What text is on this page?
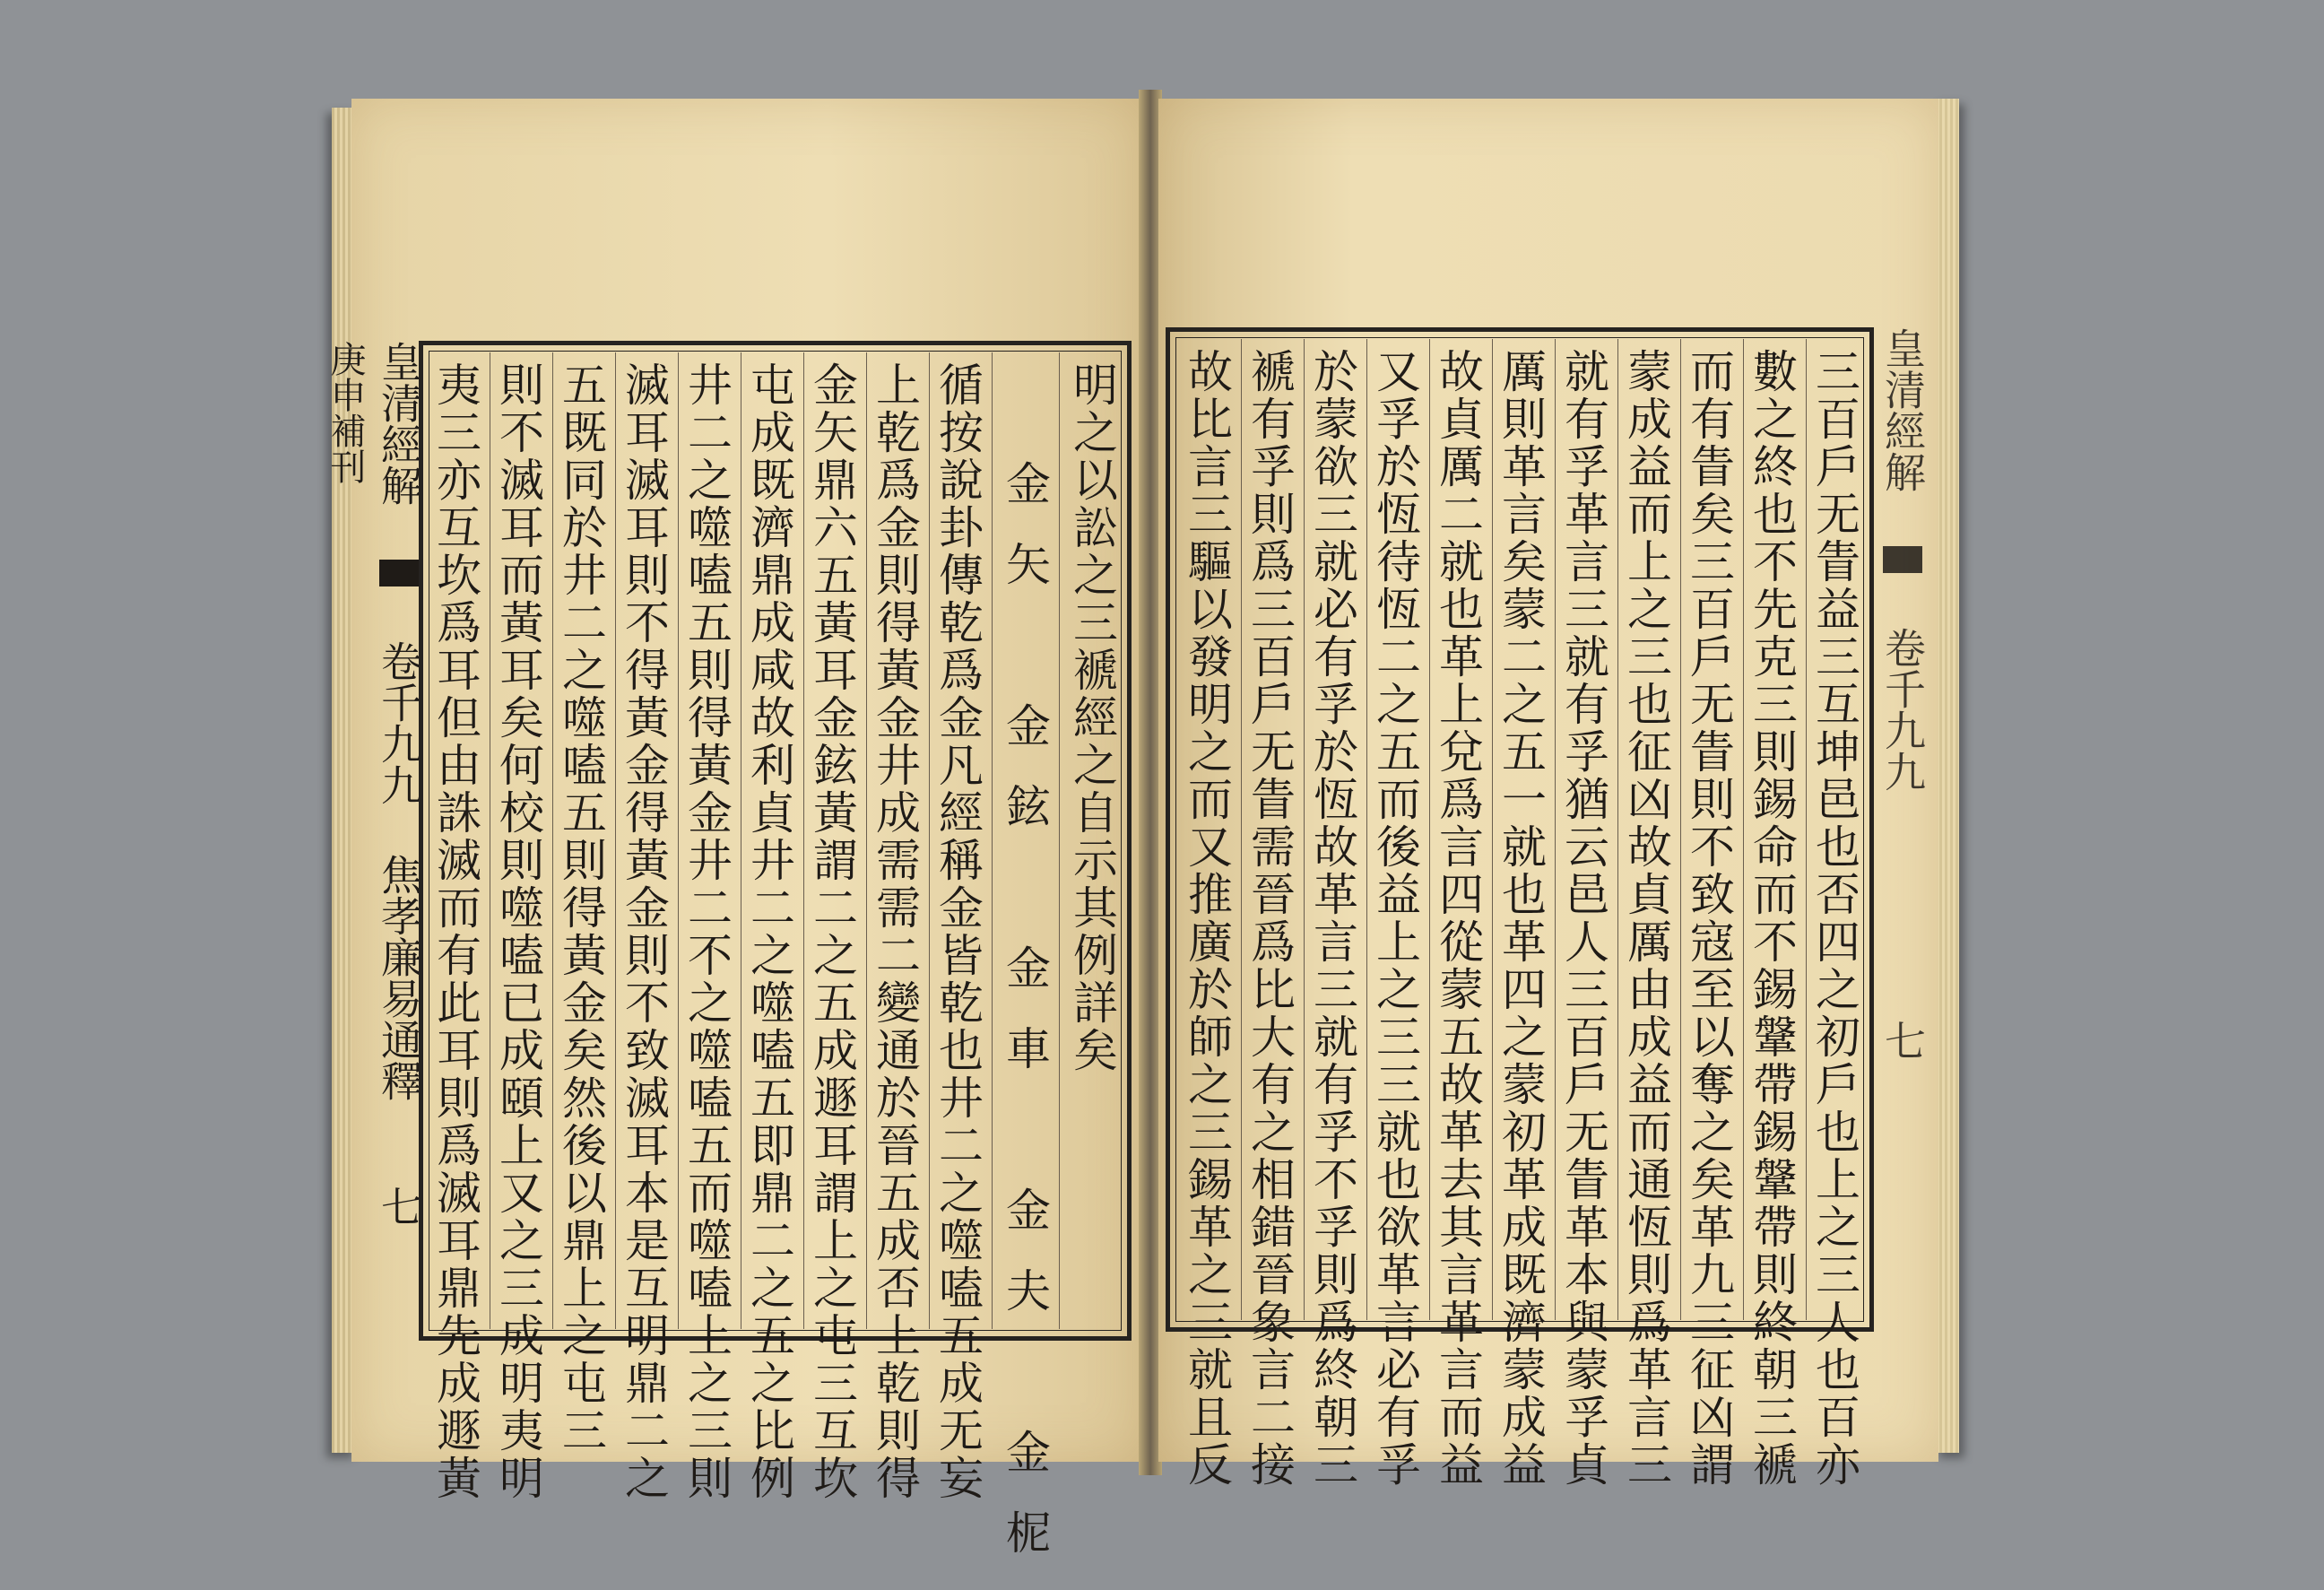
皇清經解  卷千九九 焦孝廉易通釋 七 庚申補刊	明之以訟之三褫經之自示其例詳矣
金矢　金鉉　金車　金夫　金柅
循按說卦傳乾爲金凡經稱金皆乾也井二之噬嗑五成无妄
上乾爲金則得黃金井成需需二變通於晉五成否上乾則得
金矢鼎六五黃耳金鉉黃謂二之五成遯耳謂上之屯三互坎
屯成既濟鼎成咸故利貞井二之噬嗑五即鼎二之五之比例
井二之噬嗑五則得黃金井二不之噬嗑五而噬嗑上之三則
滅耳滅耳則不得黃金得黃金則不致滅耳本是互明鼎二之
五既同於井二之噬嗑五則得黃金矣然後以鼎上之屯三
則不滅耳而黃耳矣何校則噬嗑已成頤上又之三成明夷明
夷三亦互坎爲耳但由誅滅而有此耳則爲滅耳鼎先成遯黃	三百戶无眚益三互坤邑也否四之初戶也上之三人也百亦
數之終也不先克三則錫命而不錫鞶帶錫鞶帶則終朝三褫
而有眚矣三百戶无眚則不致寇至以奪之矣革九三征凶謂
蒙成益而上之三也征凶故貞厲由成益而通恆則爲革言三
就有孚革言三就有孚猶云邑人三百戶无眚革本與蒙孚貞
厲則革言矣蒙二之五一就也革四之蒙初革成既濟蒙成益
故貞厲二就也革上兌爲言四從蒙五故革去其言革言而益
又孚於恆待恆二之五而後益上之三三就也欲革言必有孚
於蒙欲三就必有孚於恆故革言三就有孚不孚則爲終朝三
褫有孚則爲三百戶无眚需晉爲比大有之相錯晉象言二接
故比言三驅以發明之而又推廣於師之三錫革之三就且反	皇清經解  卷千九九 七
